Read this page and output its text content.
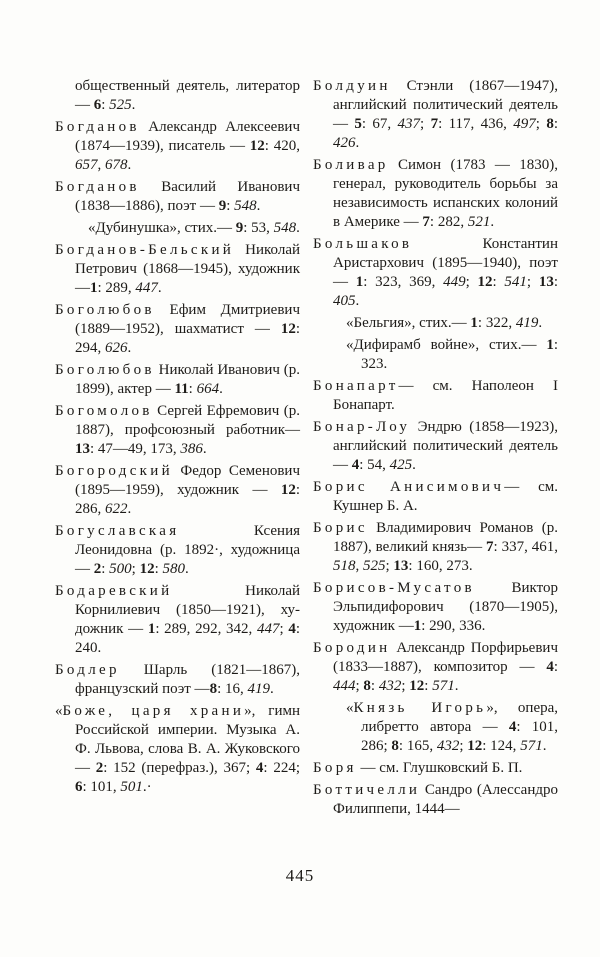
общественный деятель, литератор — 6: 525.

Богданов Александр Алексеевич (1874—1939), писатель — 12: 420, 657, 678.

Богданов Василий Иванович (1838—1886), поэт — 9: 548.

«Дубинушка», стих.— 9: 53, 548.

Богданов-Бельский Николай Петрович (1868—1945), художник —1: 289, 447.

Боголюбов Ефим Дмитриевич (1889—1952), шахматист — 12: 294, 626.

Боголюбов Николай Иванович (р. 1899), актер — 11: 664.

Богомолов Сергей Ефремович (р. 1887), профсоюзный работник—13: 47—49, 173, 386.

Богородский Федор Семенович (1895—1959), художник — 12: 286, 622.

Богуславская Ксения Леонидовна (р. 1892·, художница — 2: 500; 12: 580.

Бодаревский Николай Корнилиевич (1850—1921), художник — 1: 289, 292, 342, 447; 4: 240.

Бодлер Шарль (1821—1867), французский поэт —8: 16, 419.

«Боже, царя храни», гимн Российской империи. Музыка А. Ф. Львова, слова В. А. Жуковского — 2: 152 (перефраз.), 367; 4: 224; 6: 101, 501.·

Болдуин Стэнли (1867—1947), английский политический деятель — 5: 67, 437; 7: 117, 436, 497; 8: 426.

Боливар Симон (1783 — 1830), генерал, руководитель борьбы за независимость испанских колоний в Америке — 7: 282, 521.

Большаков Константин Аристархович (1895—1940), поэт — 1: 323, 369, 449; 12: 541; 13: 405.

«Бельгия», стих.— 1: 322, 419.

«Дифирамб войне», стих.— 1: 323.

Бонапарт— см. Наполеон I Бонапарт.

Бонар-Лоу Эндрю (1858—1923), английский политический деятель — 4: 54, 425.

Борис Анисимович— см. Кушнер Б. А.

Борис Владимирович Романов (р. 1887), великий князь— 7: 337, 461, 518, 525; 13: 160, 273.

Борисов-Мусатов Виктор Эльпидифорович (1870—1905), художник —1: 290, 336.

Бородин Александр Порфирьевич (1833—1887), композитор — 4: 444; 8: 432; 12: 571.

«Князь Игорь», опера, либретто автора — 4: 101, 286; 8: 165, 432; 12: 124, 571.

Боря — см. Глушковский Б. П.

Боттичелли Сандро (Алессандро Филиппепи, 1444—

445
